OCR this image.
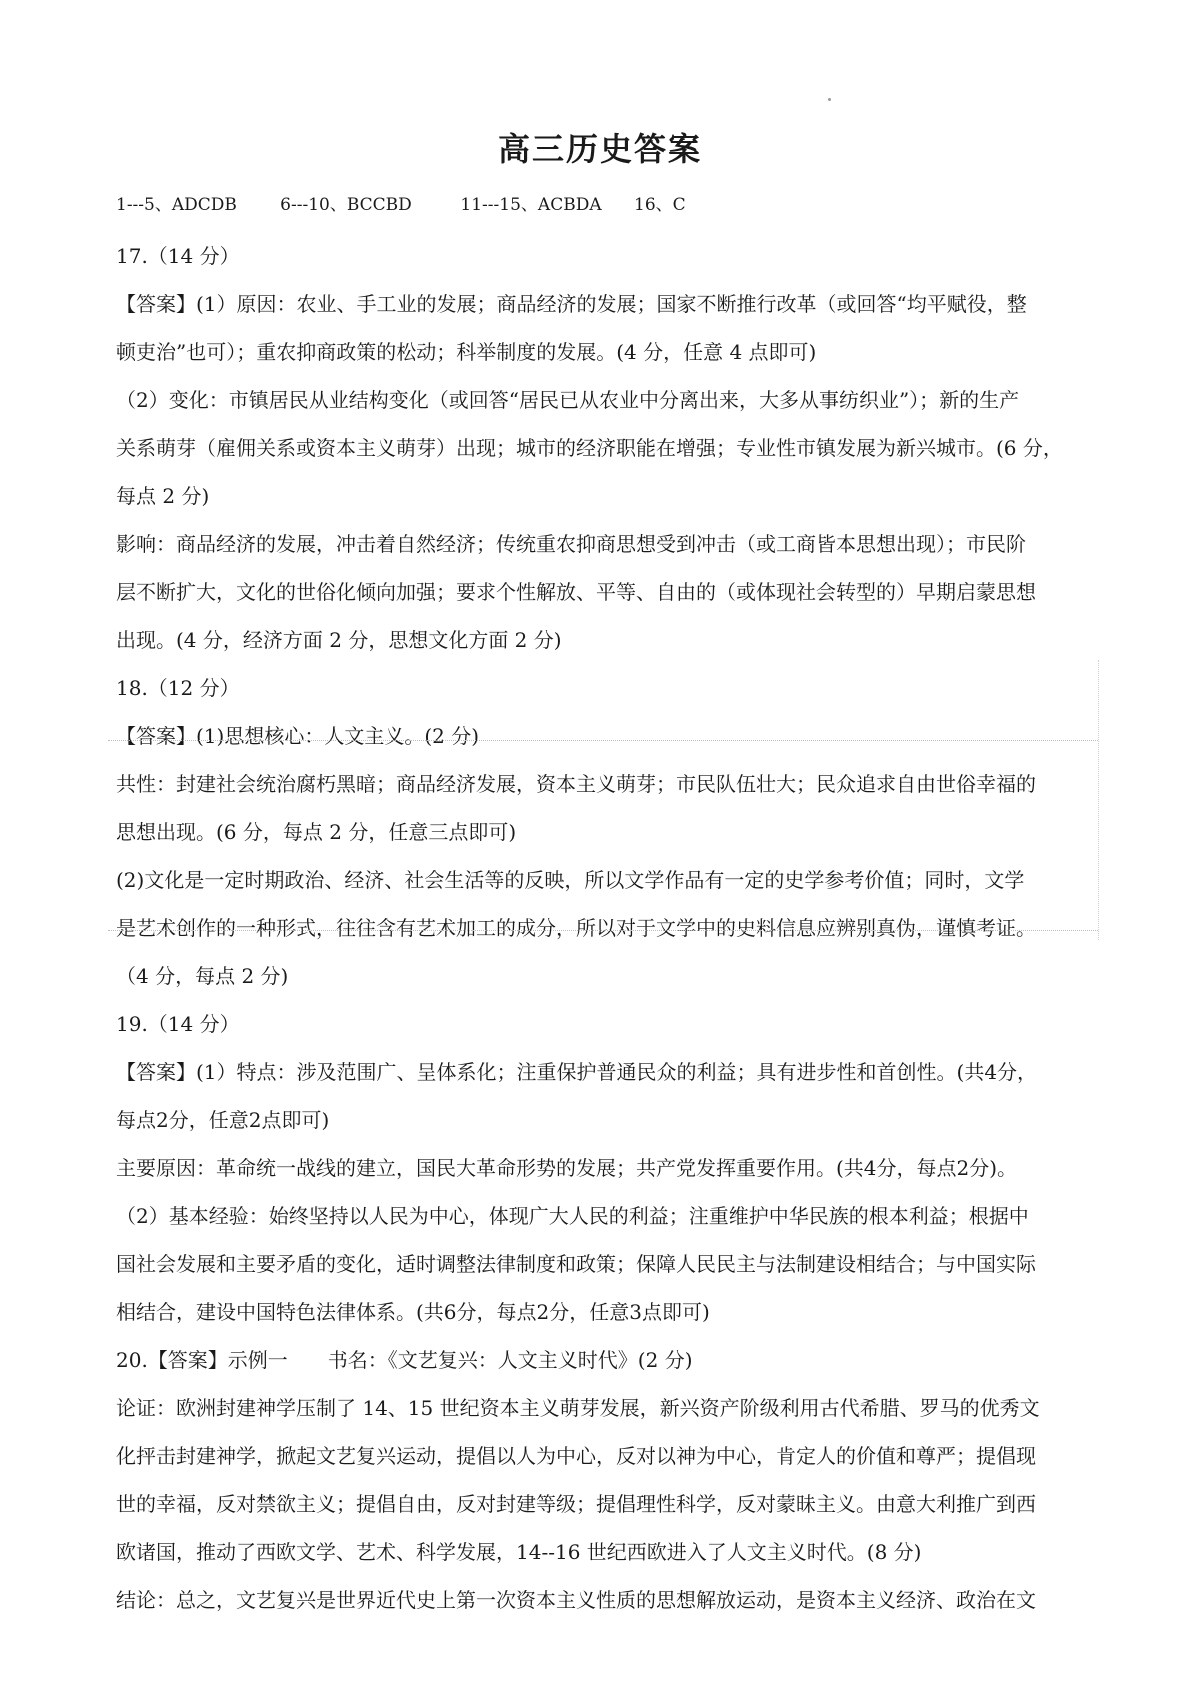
高三历史答案
1---5、ADCDB	6---10、BCCBD	11---15、ACBDA 16、C

17.（14 分）

【答案】(1）原因：农业、手工业的发展；商品经济的发展；国家不断推行改革（或回答“均平赋役，整

顿吏治”也可）；重农抑商政策的松动；科举制度的发展。(4 分，任意 4 点即可)

（2）变化：市镇居民从业结构变化（或回答“居民已从农业中分离出来，大多从事纺织业”）；新的生产

关系萌芽（雇佣关系或资本主义萌芽）出现；城市的经济职能在增强；专业性市镇发展为新兴城市。(6 分，

每点 2 分)

影响：商品经济的发展，冲击着自然经济；传统重农抑商思想受到冲击（或工商皆本思想出现）；市民阶

层不断扩大，文化的世俗化倾向加强；要求个性解放、平等、自由的（或体现社会转型的）早期启蒙思想

出现。(4 分，经济方面 2 分，思想文化方面 2 分)

18.（12 分）

【答案】(1)思想核心：人文主义。(2 分)

共性：封建社会统治腐朽黑暗；商品经济发展，资本主义萌芽；市民队伍壮大；民众追求自由世俗幸福的

思想出现。(6 分，每点 2 分，任意三点即可)

(2)文化是一定时期政治、经济、社会生活等的反映，所以文学作品有一定的史学参考价值；同时，文学

是艺术创作的一种形式，往往含有艺术加工的成分，所以对于文学中的史料信息应辨别真伪，谨慎考证。

（4 分，每点 2 分)

19.（14 分）

【答案】(1）特点：涉及范围广、呈体系化；注重保护普通民众的利益；具有进步性和首创性。(共4分，

每点2分，任意2点即可)

主要原因：革命统一战线的建立，国民大革命形势的发展；共产党发挥重要作用。(共4分，每点2分)。

（2）基本经验：始终坚持以人民为中心，体现广大人民的利益；注重维护中华民族的根本利益；根据中

国社会发展和主要矛盾的变化，适时调整法律制度和政策；保障人民民主与法制建设相结合；与中国实际

相结合，建设中国特色法律体系。(共6分，每点2分，任意3点即可)

20.【答案】示例一　　书名：《文艺复兴：人文主义时代》(2 分)

论证：欧洲封建神学压制了 14、15 世纪资本主义萌芽发展，新兴资产阶级利用古代希腊、罗马的优秀文

化抨击封建神学，掀起文艺复兴运动，提倡以人为中心，反对以神为中心，肯定人的价值和尊严；提倡现

世的幸福，反对禁欲主义；提倡自由，反对封建等级；提倡理性科学，反对蒙昧主义。由意大利推广到西

欧诸国，推动了西欧文学、艺术、科学发展，14--16 世纪西欧进入了人文主义时代。(8 分)

结论：总之，文艺复兴是世界近代史上第一次资本主义性质的思想解放运动，是资本主义经济、政治在文
